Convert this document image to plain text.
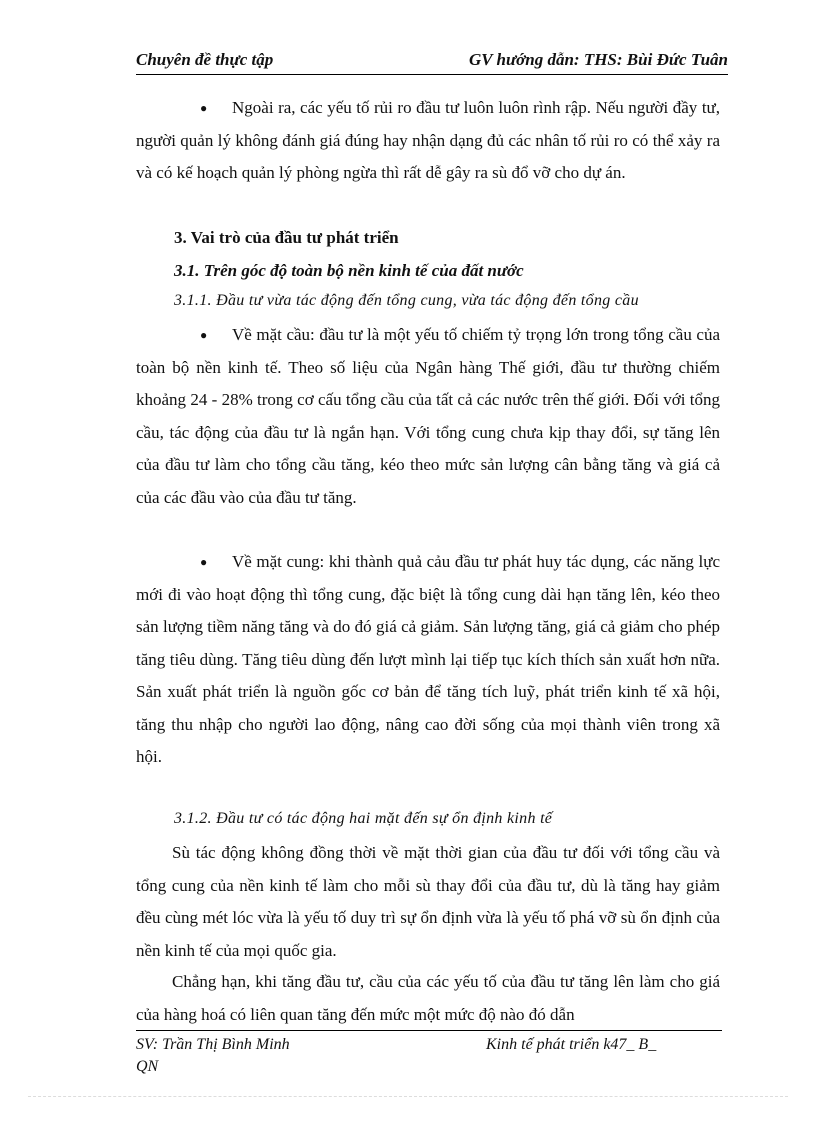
Chuyên đề thực tập	GV hướng dẫn: THS: Bùi Đức Tuân
● Ngoài ra, các yếu tố rủi ro đầu tư luôn luôn rình rập. Nếu người đầy tư, người quản lý không đánh giá đúng hay nhận dạng đủ các nhân tố rủi ro có thể xảy ra và có kế hoạch quản lý phòng ngừa thì rất dễ gây ra sù đổ vỡ cho dự án.
3. Vai trò của đầu tư phát triển
3.1. Trên góc độ toàn bộ nền kinh tế của đất nước
3.1.1. Đầu tư vừa tác động đến tổng cung, vừa tác động đến tổng cầu
● Về mặt cầu: đầu tư là một yếu tố chiếm tỷ trọng lớn trong tổng cầu của toàn bộ nền kinh tế. Theo số liệu của Ngân hàng Thế giới, đầu tư thường chiếm khoảng 24 - 28% trong cơ cấu tổng cầu của tất cả các nước trên thế giới. Đối với tổng cầu, tác động của đầu tư là ngắn hạn. Với tổng cung chưa kịp thay đổi, sự tăng lên của đầu tư làm cho tổng cầu tăng, kéo theo mức sản lượng cân bằng tăng và giá cả của các đầu vào của đầu tư tăng.
● Về mặt cung: khi thành quả cảu đầu tư phát huy tác dụng, các năng lực mới đi vào hoạt động thì tổng cung, đặc biệt là tổng cung dài hạn tăng lên, kéo theo sản lượng tiềm năng tăng và do đó giá cả giảm. Sản lượng tăng, giá cả giảm cho phép tăng tiêu dùng. Tăng tiêu dùng đến lượt mình lại tiếp tục kích thích sản xuất hơn nữa. Sản xuất phát triển là nguồn gốc cơ bản để tăng tích luỹ, phát triển kinh tế xã hội, tăng thu nhập cho người lao động, nâng cao đời sống của mọi thành viên trong xã hội.
3.1.2. Đầu tư có tác động hai mặt đến sự ổn định kinh tế
Sù tác động không đồng thời về mặt thời gian của đầu tư đối với tổng cầu và tổng cung của nền kinh tế làm cho mỗi sù thay đổi của đầu tư, dù là tăng hay giảm đều cùng mét lóc vừa là yếu tố duy trì sự ổn định vừa là yếu tố phá vỡ sù ổn định của nền kinh tế của mọi quốc gia.
Chẳng hạn, khi tăng đầu tư, cầu của các yếu tố của đầu tư tăng lên làm cho giá của hàng hoá có liên quan tăng đến mức một mức độ nào đó dẫn
SV: Trần Thị Bình Minh
QN
Kinh tế phát triển k47_ B_
